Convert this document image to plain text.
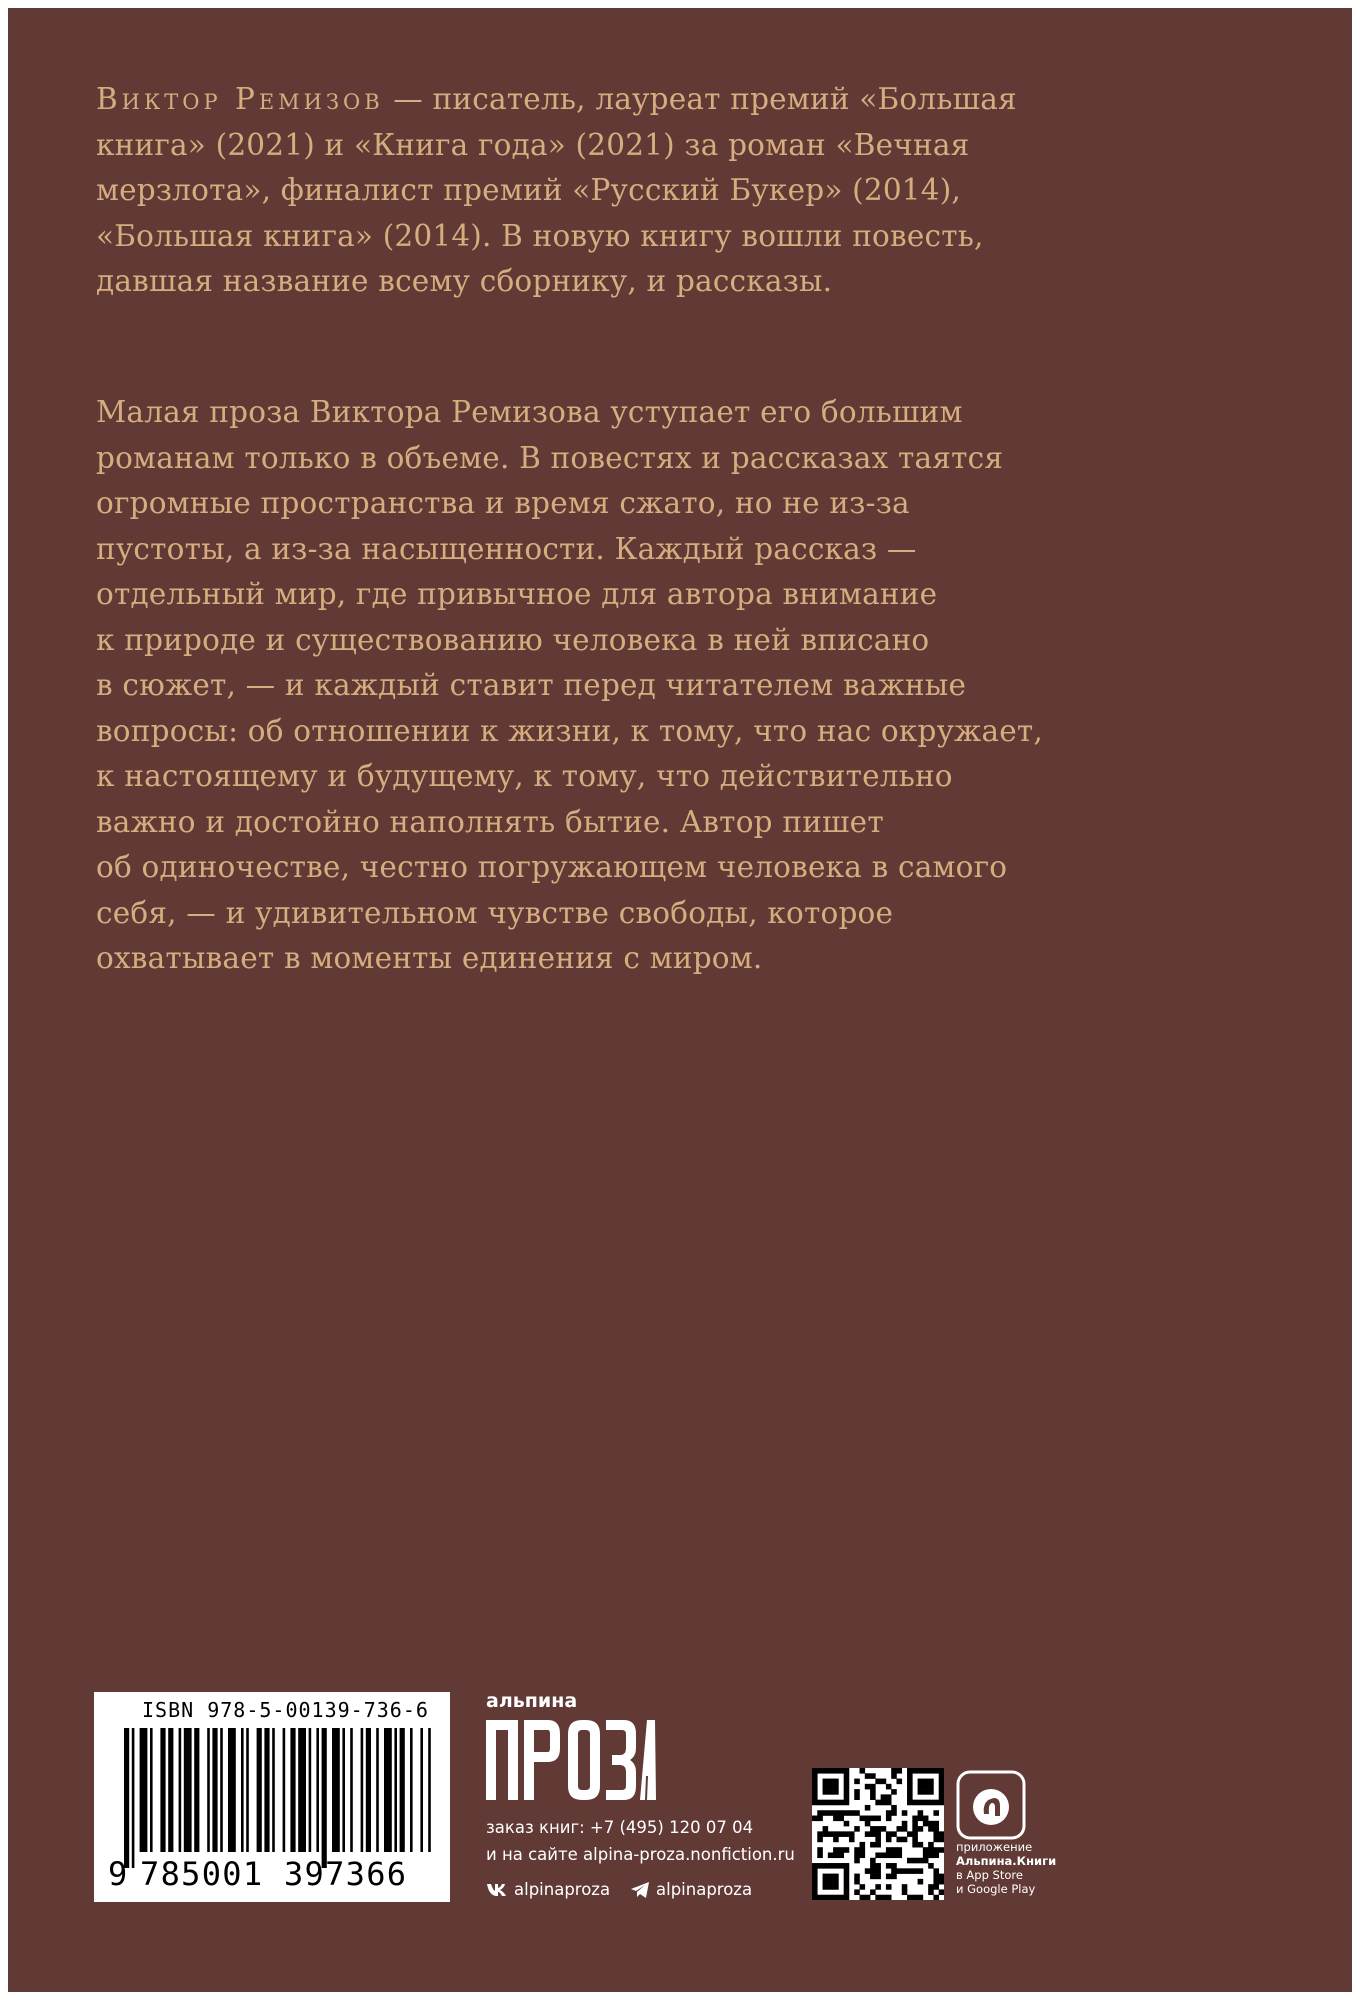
Виктор Ремизов — писатель, лауреат премий «Большая
книга» (2021) и «Книга года» (2021) за роман «Вечная
мерзлота», финалист премий «Русский Букер» (2014),
«Большая книга» (2014). В новую книгу вошли повесть,
давшая название всему сборнику, и рассказы.

Малая проза Виктора Ремизова уступает его большим
романам только в объеме. В повестях и рассказах таятся
огромные пространства и время сжато, но не из-за
пустоты, а из-за насыщенности. Каждый рассказ —
отдельный мир, где привычное для автора внимание
к природе и существованию человека в ней вписано
в сюжет, — и каждый ставит перед читателем важные
вопросы: об отношении к жизни, к тому, что нас окружает,
к настоящему и будущему, к тому, что действительно
важно и достойно наполнять бытие. Автор пишет
об одиночестве, честно погружающем человека в самого
себя, — и удивительном чувстве свободы, которое
охватывает в моменты единения с миром.

ISBN 978-5-00139-736-6
9 785001 397366
альпина
заказ книг: +7 (495) 120 07 04
и на сайте alpina-proza.nonfiction.ru
alpinaproza	alpinaproza
приложение
Альпина.Книги
в App Store
и Google Play
